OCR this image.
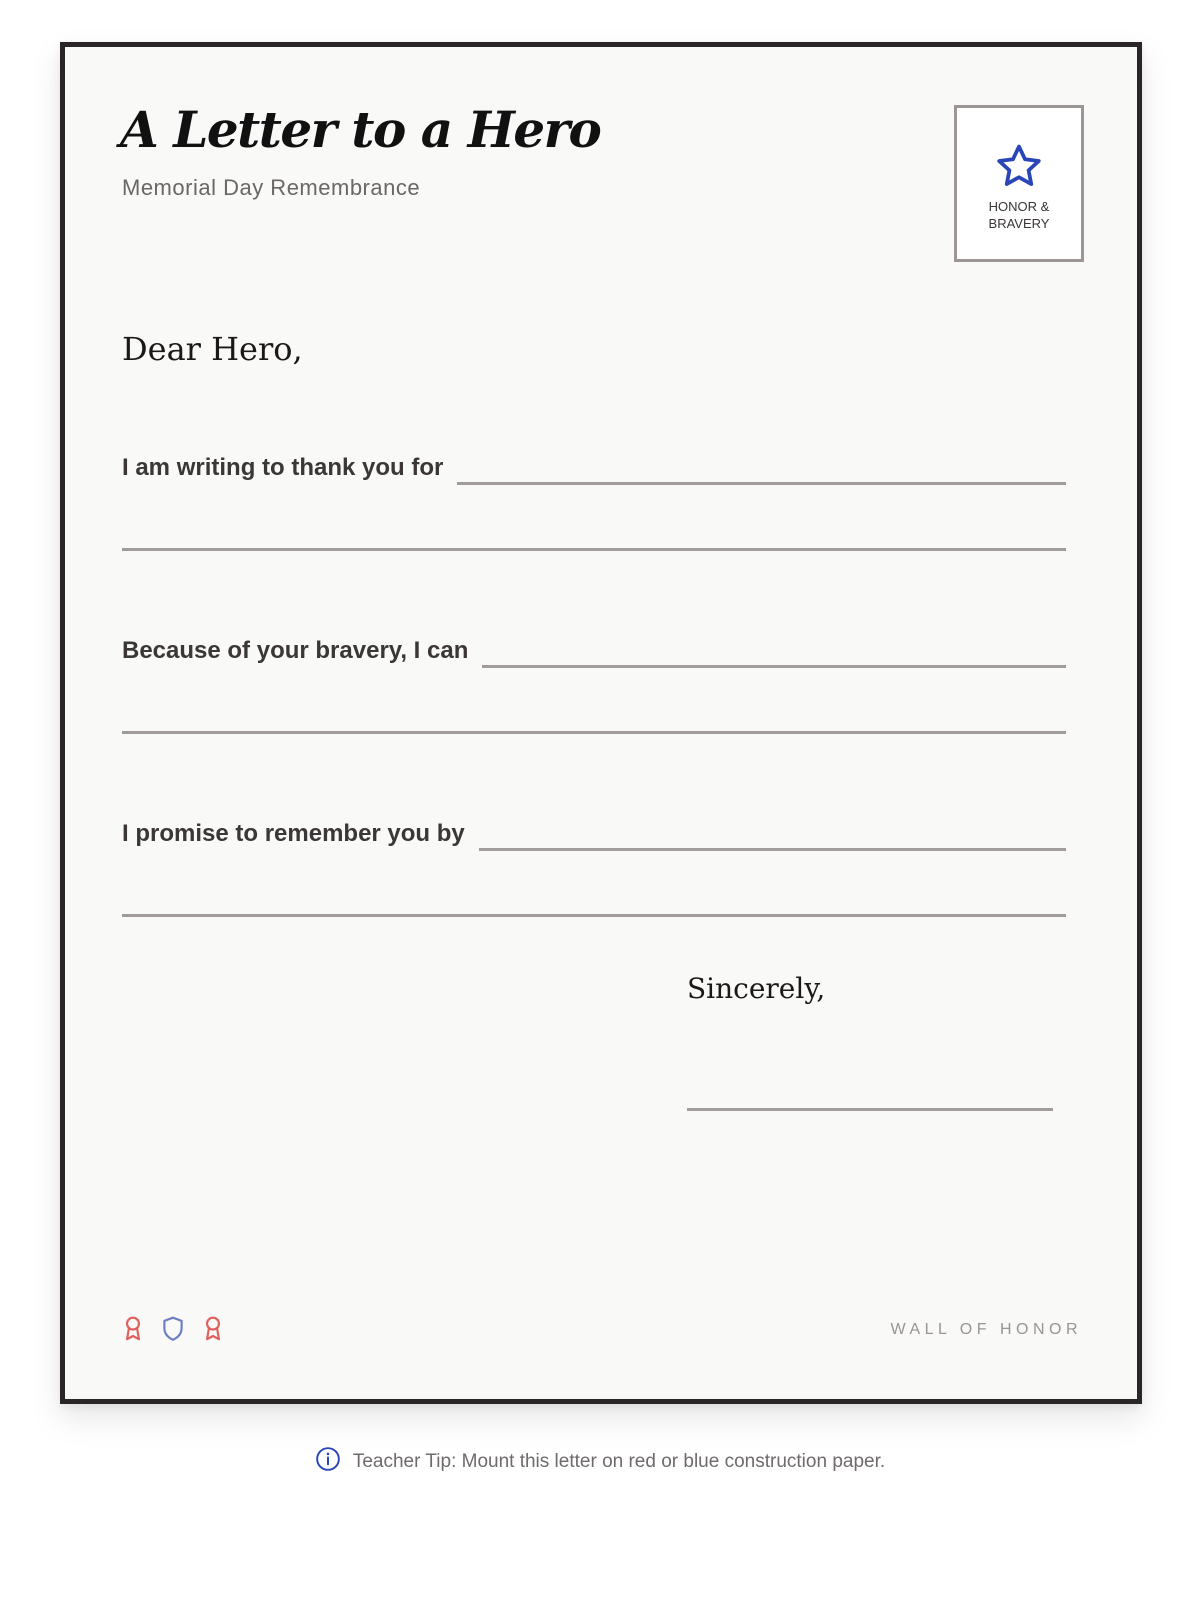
A Letter to a Hero
Memorial Day Remembrance
HONOR & BRAVERY
Dear Hero,
I am writing to thank you for
Because of your bravery, I can
I promise to remember you by
Sincerely,
WALL OF HONOR
Teacher Tip: Mount this letter on red or blue construction paper.
